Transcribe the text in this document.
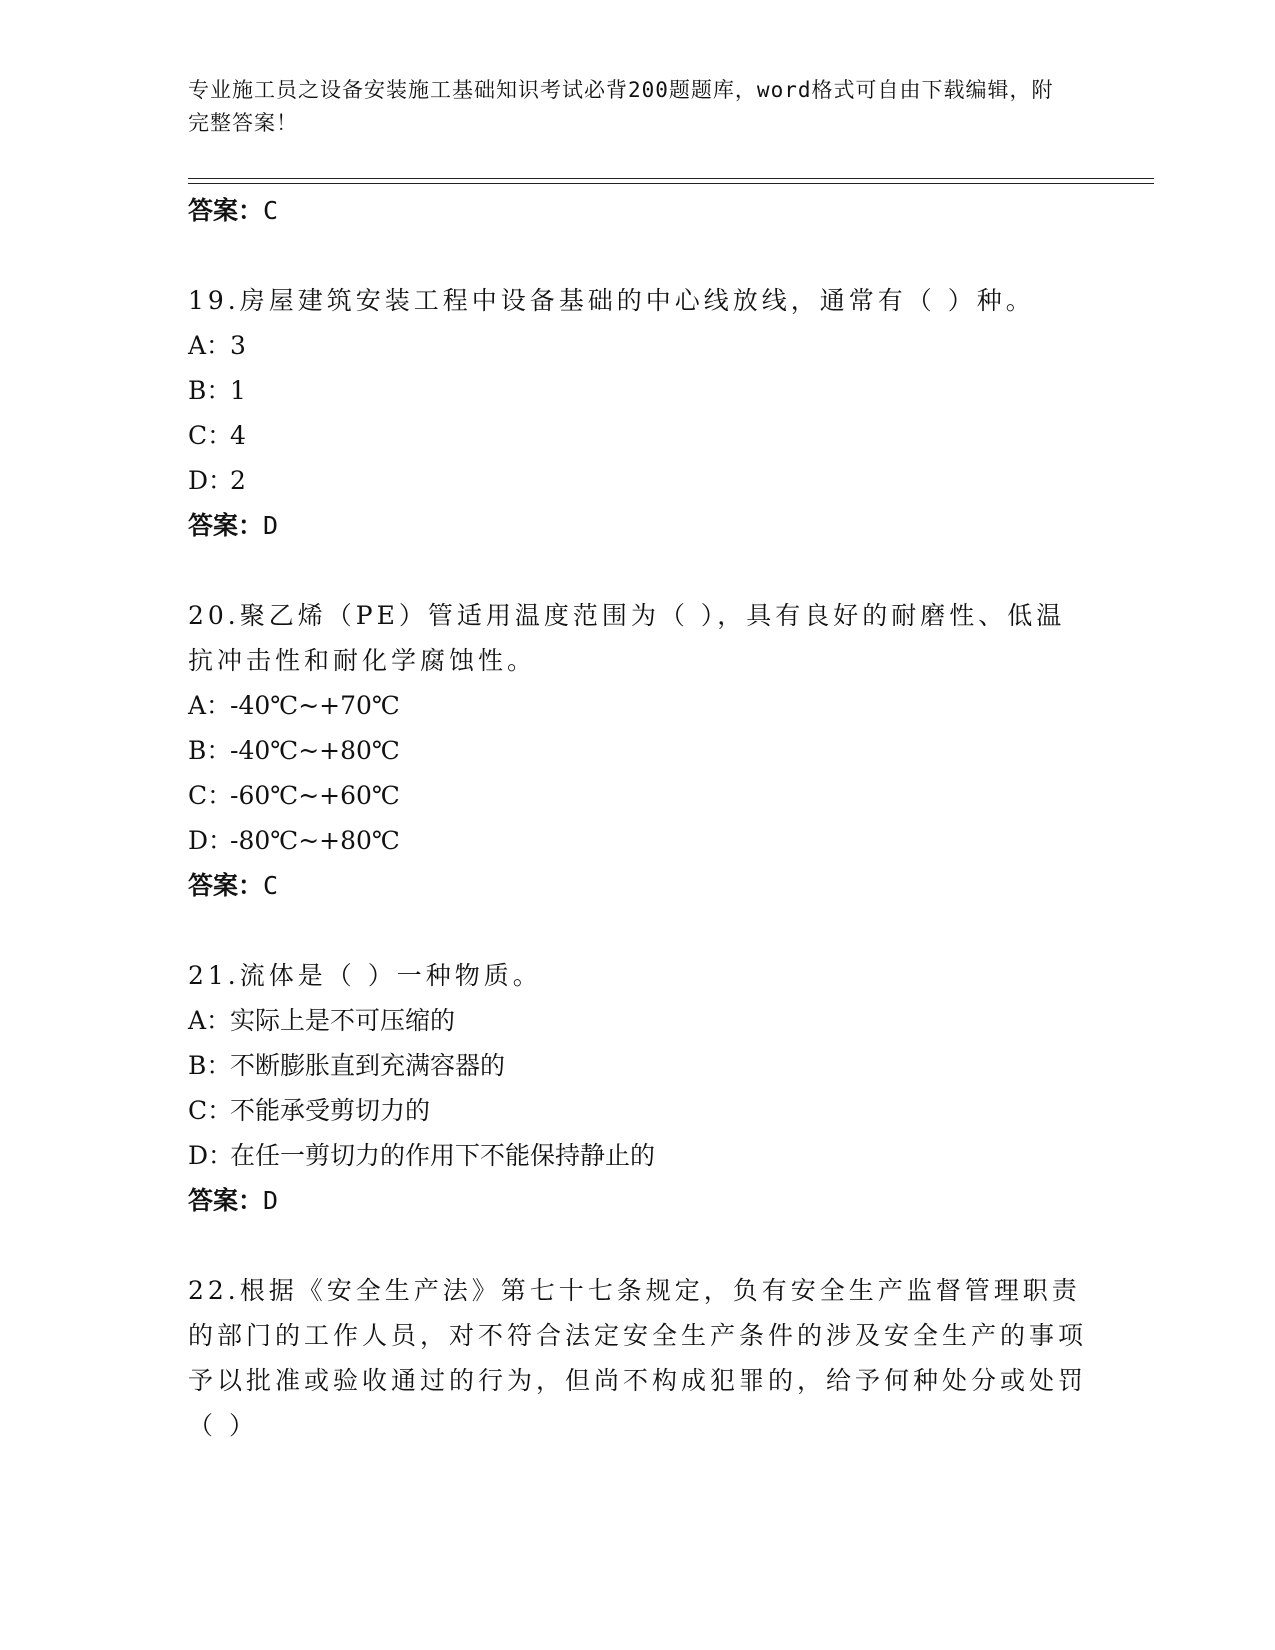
专业施工员之设备安装施工基础知识考试必背200题题库，word格式可自由下载编辑，附完整答案！

答案：C

19.房屋建筑安装工程中设备基础的中心线放线，通常有（ ）种。

A：3

B：1

C：4

D：2

答案：D

20.聚乙烯（PE）管适用温度范围为（ ），具有良好的耐磨性、低温抗冲击性和耐化学腐蚀性。

A：-40℃~+70℃

B：-40℃~+80℃

C：-60℃~+60℃

D：-80℃~+80℃

答案：C

21.流体是（ ）一种物质。

A：实际上是不可压缩的

B：不断膨胀直到充满容器的

C：不能承受剪切力的

D：在任一剪切力的作用下不能保持静止的

答案：D

22.根据《安全生产法》第七十七条规定，负有安全生产监督管理职责的部门的工作人员，对不符合法定安全生产条件的涉及安全生产的事项予以批准或验收通过的行为，但尚不构成犯罪的，给予何种处分或处罚（ ）
